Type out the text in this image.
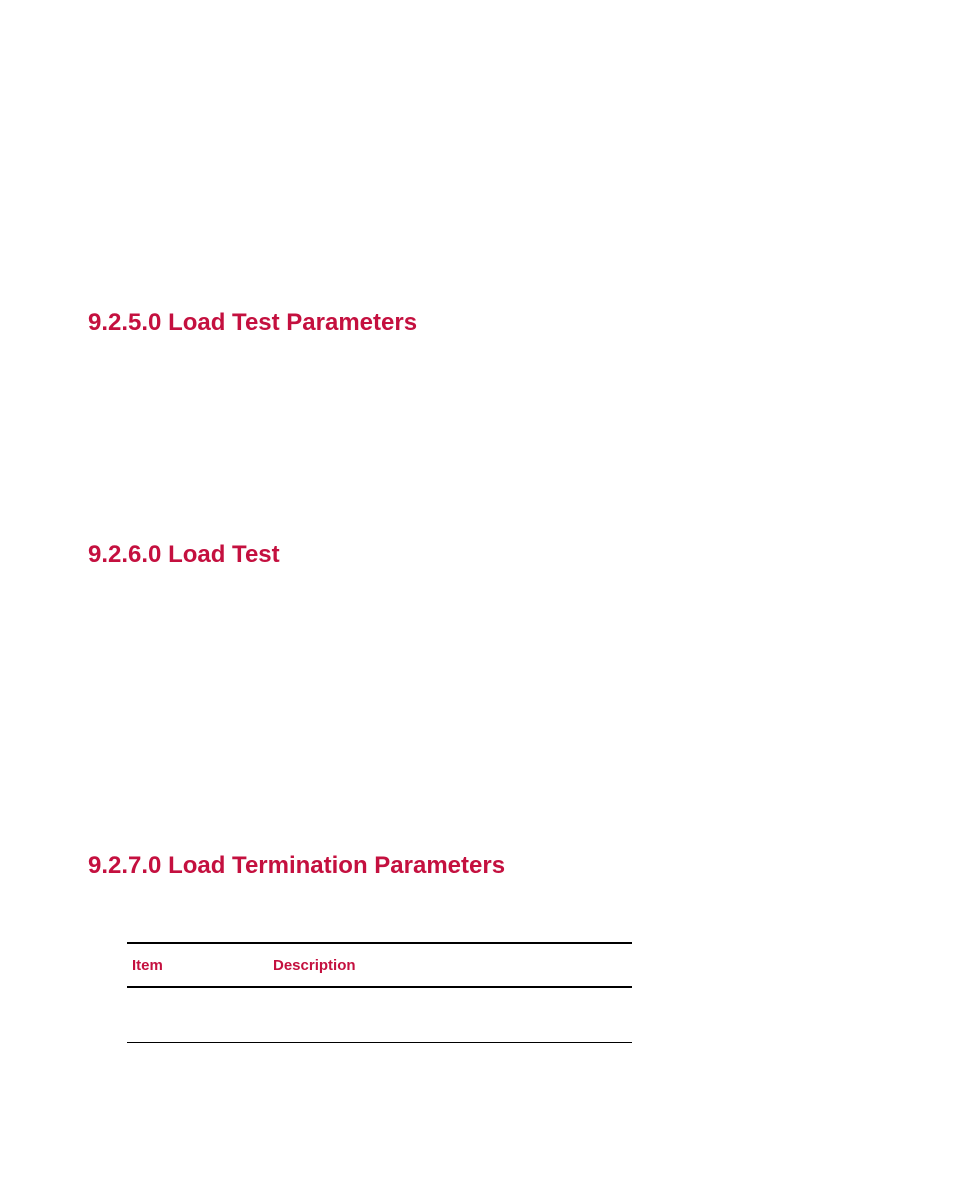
9.2.5.0 Load Test Parameters
9.2.6.0 Load Test
9.2.7.0 Load Termination Parameters
Item	Description
